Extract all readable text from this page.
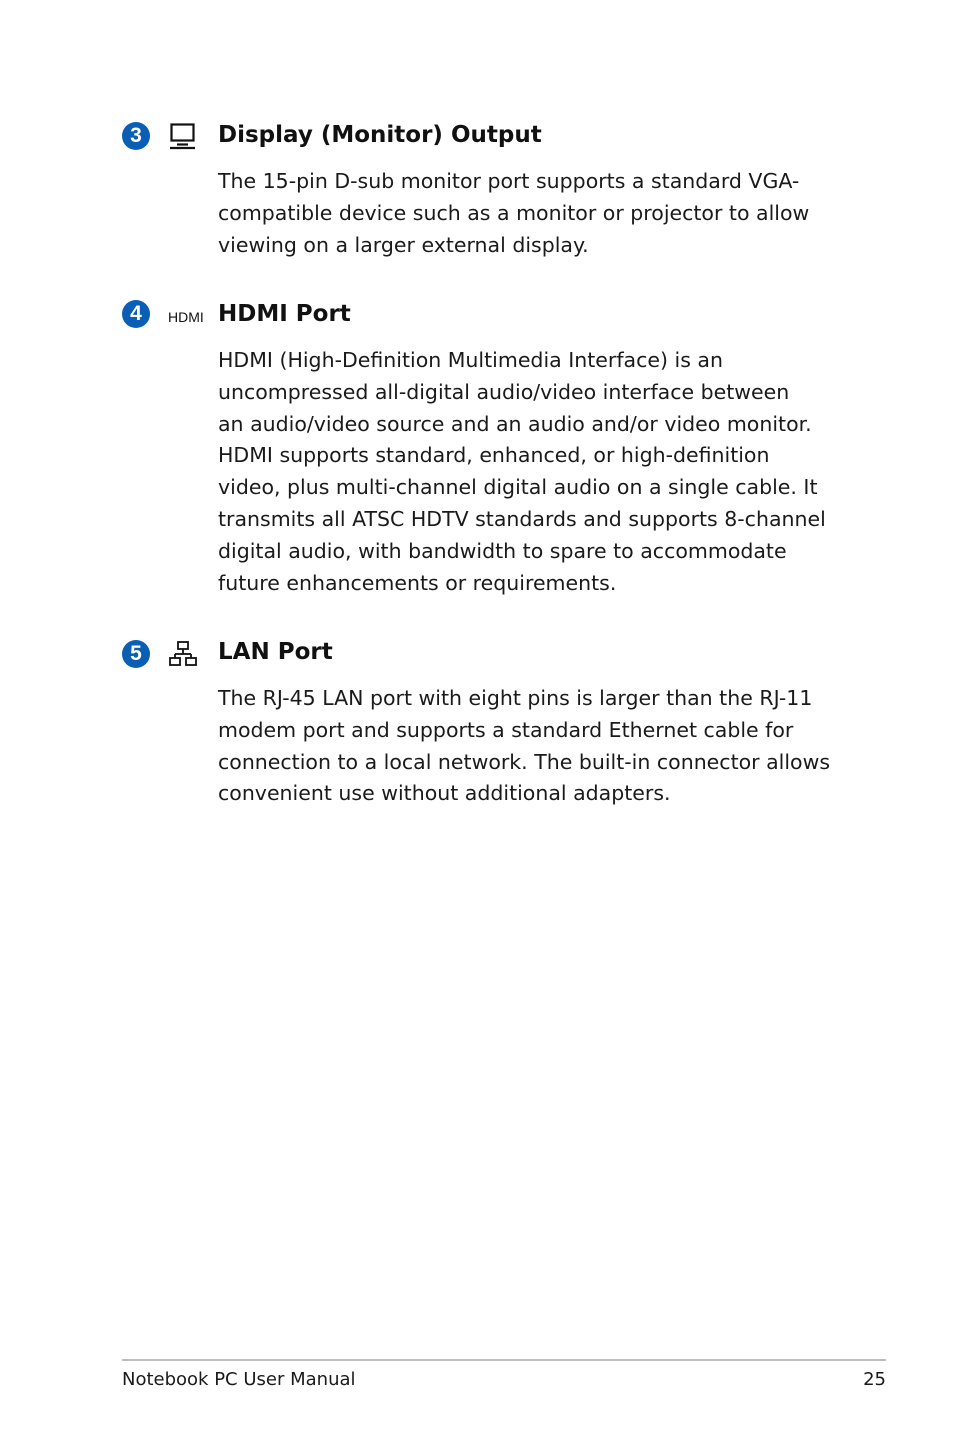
3	Display (Monitor) Output
The 15-pin D-sub monitor port supports a standard VGA-
compatible device such as a monitor or projector to allow
viewing on a larger external display.
4	HDMI HDMI Port
HDMI (High-Definition Multimedia Interface) is an
uncompressed all-digital audio/video interface between
an audio/video source and an audio and/or video monitor.
HDMI supports standard, enhanced, or high-definition
video, plus multi-channel digital audio on a single cable. It
transmits all ATSC HDTV standards and supports 8-channel
digital audio, with bandwidth to spare to accommodate
future enhancements or requirements.
5	LAN Port
The RJ-45 LAN port with eight pins is larger than the RJ-11
modem port and supports a standard Ethernet cable for
connection to a local network. The built-in connector allows
convenient use without additional adapters.
Notebook PC User Manual	25
